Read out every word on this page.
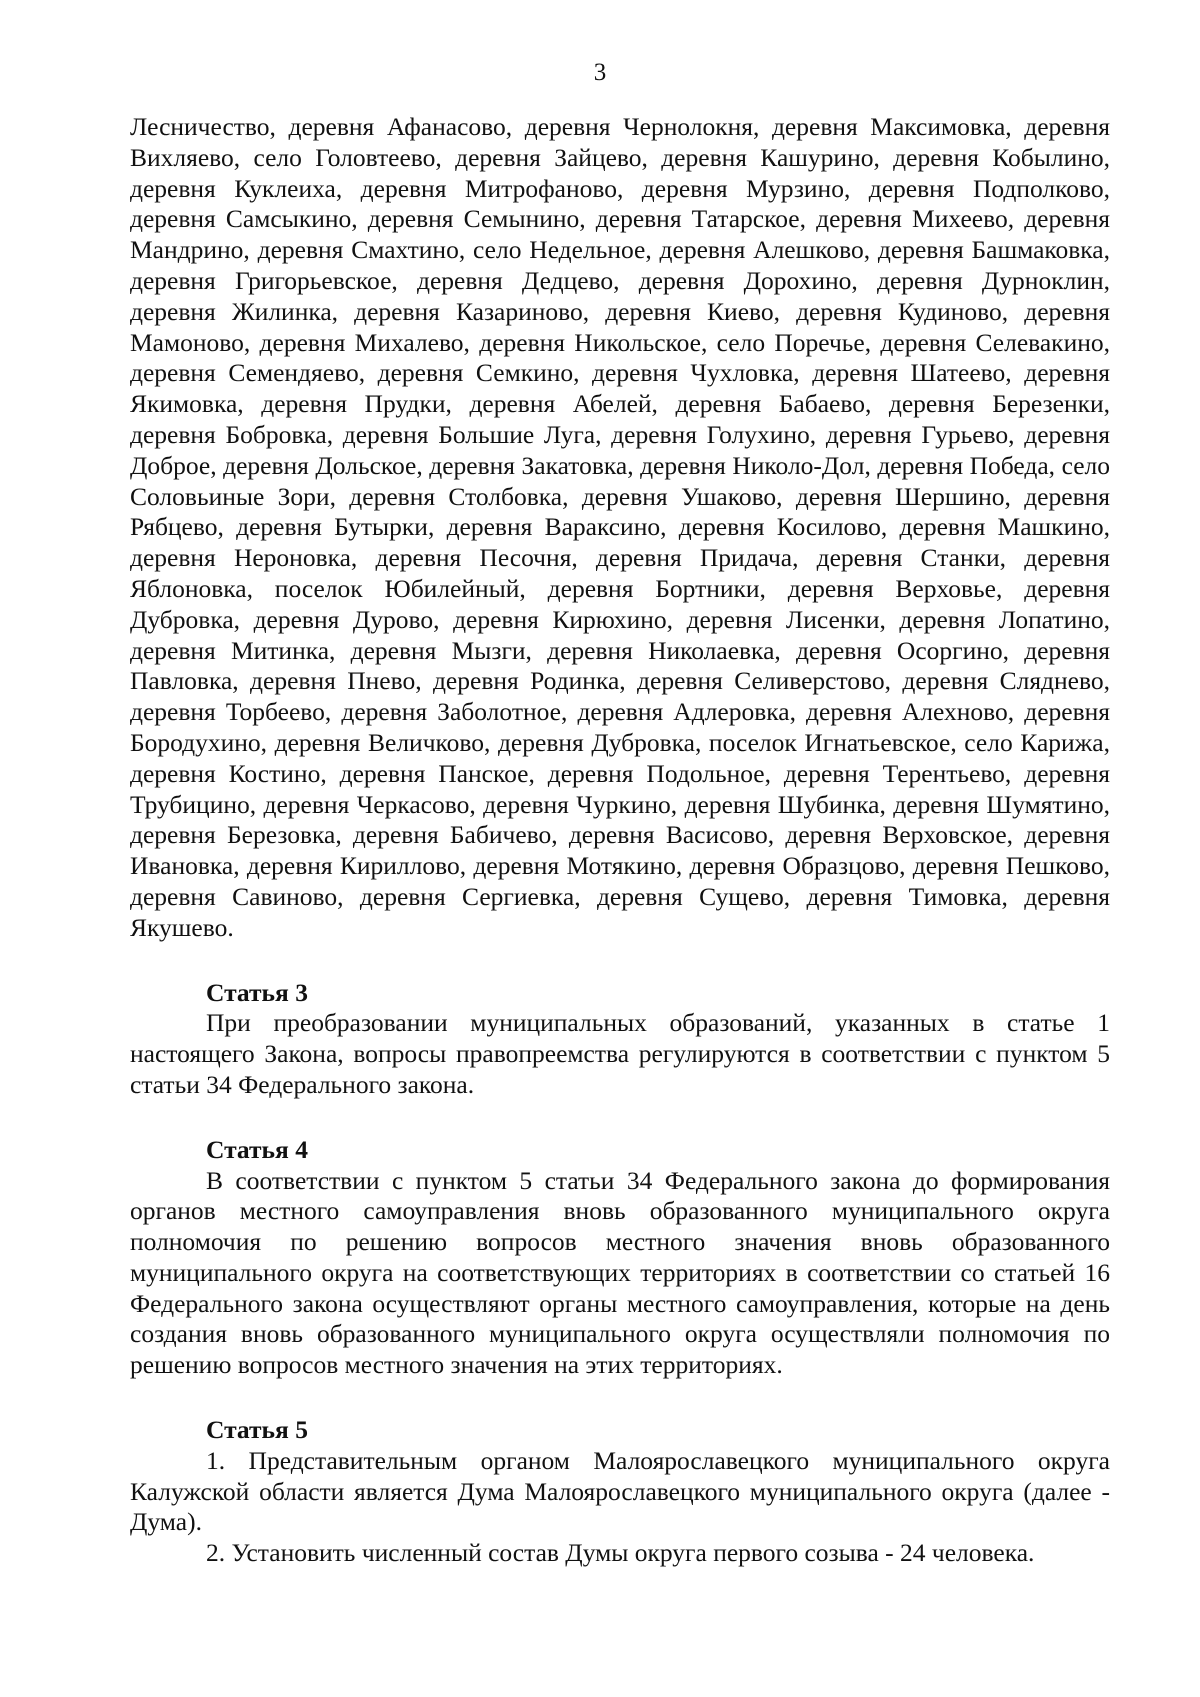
3

Лесничество, деревня Афанасово, деревня Чернолокня, деревня Максимовка, деревня Вихляево, село Головтеево, деревня Зайцево, деревня Кашурино, деревня Кобылино, деревня Куклеиха, деревня Митрофаново, деревня Мурзино, деревня Подполково, деревня Самсыкино, деревня Семынино, деревня Татарское, деревня Михеево, деревня Мандрино, деревня Смахтино, село Недельное, деревня Алешково, деревня Башмаковка, деревня Григорьевское, деревня Дедцево, деревня Дорохино, деревня Дурноклин, деревня Жилинка, деревня Казариново, деревня Киево, деревня Кудиново, деревня Мамоново, деревня Михалево, деревня Никольское, село Поречье, деревня Селевакино, деревня Семендяево, деревня Семкино, деревня Чухловка, деревня Шатеево, деревня Якимовка, деревня Прудки, деревня Абелей, деревня Бабаево, деревня Березенки, деревня Бобровка, деревня Большие Луга, деревня Голухино, деревня Гурьево, деревня Доброе, деревня Дольское, деревня Закатовка, деревня Николо-Дол, деревня Победа, село Соловьиные Зори, деревня Столбовка, деревня Ушаково, деревня Шершино, деревня Рябцево, деревня Бутырки, деревня Вараксино, деревня Косилово, деревня Машкино, деревня Нероновка, деревня Песочня, деревня Придача, деревня Станки, деревня Яблоновка, поселок Юбилейный, деревня Бортники, деревня Верховье, деревня Дубровка, деревня Дурово, деревня Кирюхино, деревня Лисенки, деревня Лопатино, деревня Митинка, деревня Мызги, деревня Николаевка, деревня Осоргино, деревня Павловка, деревня Пнево, деревня Родинка, деревня Селиверстово, деревня Сляднево, деревня Торбеево, деревня Заболотное, деревня Адлеровка, деревня Алехново, деревня Бородухино, деревня Величково, деревня Дубровка, поселок Игнатьевское, село Карижа, деревня Костино, деревня Панское, деревня Подольное, деревня Терентьево, деревня Трубицино, деревня Черкасово, деревня Чуркино, деревня Шубинка, деревня Шумятино, деревня Березовка, деревня Бабичево, деревня Васисово, деревня Верховское, деревня Ивановка, деревня Кириллово, деревня Мотякино, деревня Образцово, деревня Пешково, деревня Савиново, деревня Сергиевка, деревня Сущево, деревня Тимовка, деревня Якушево.

Статья 3

При преобразовании муниципальных образований, указанных в статье 1 настоящего Закона, вопросы правопреемства регулируются в соответствии с пунктом 5 статьи 34 Федерального закона.

Статья 4

В соответствии с пунктом 5 статьи 34 Федерального закона до формирования органов местного самоуправления вновь образованного муниципального округа полномочия по решению вопросов местного значения вновь образованного муниципального округа на соответствующих территориях в соответствии со статьей 16 Федерального закона осуществляют органы местного самоуправления, которые на день создания вновь образованного муниципального округа осуществляли полномочия по решению вопросов местного значения на этих территориях.

Статья 5

1. Представительным органом Малоярославецкого муниципального округа Калужской области является Дума Малоярославецкого муниципального округа (далее - Дума).

2. Установить численный состав Думы округа первого созыва - 24 человека.
